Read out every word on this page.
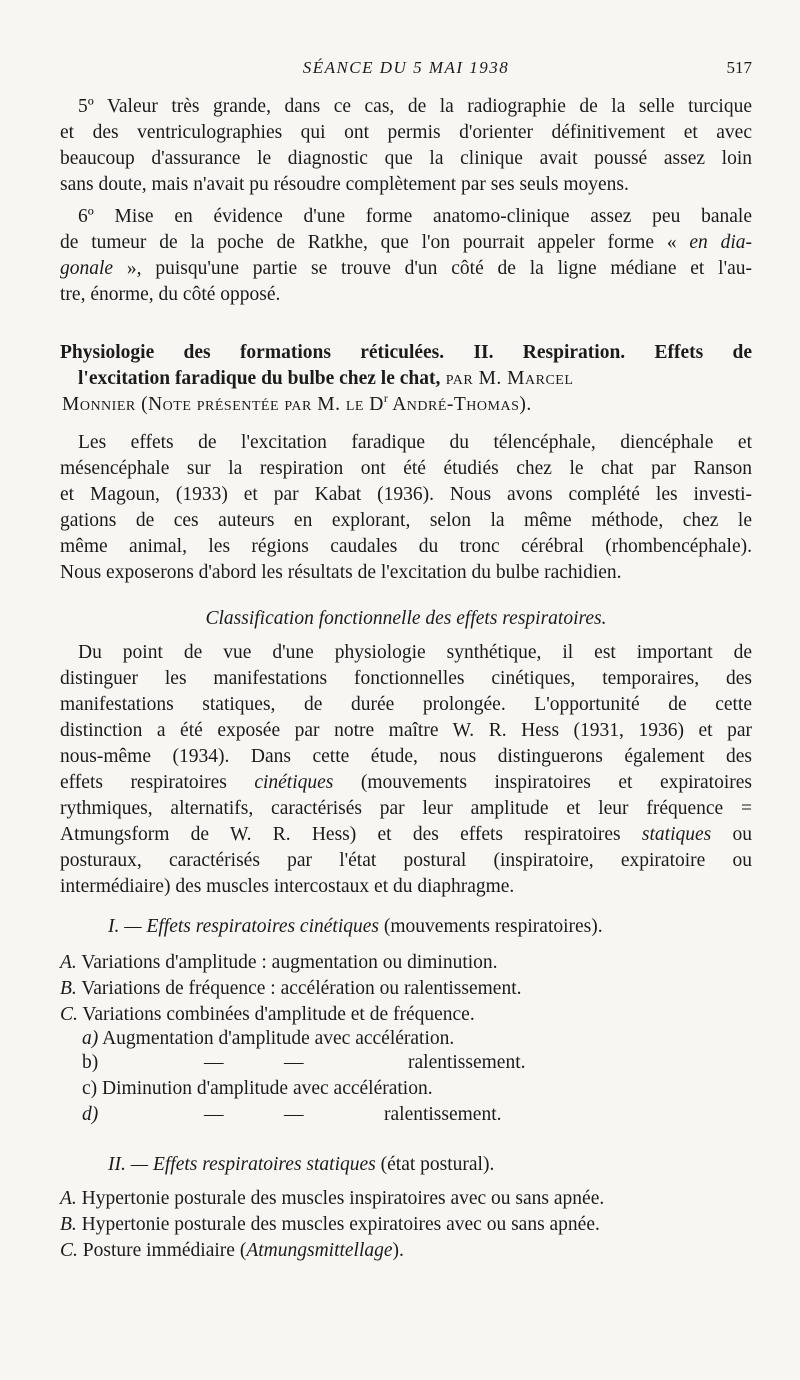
SÉANCE DU 5 MAI 1938	517
5º Valeur très grande, dans ce cas, de la radiographie de la selle turcique
et des ventriculographies qui ont permis d'orienter définitivement et avec
beaucoup d'assurance le diagnostic que la clinique avait poussé assez loin
sans doute, mais n'avait pu résoudre complètement par ses seuls moyens.
6º Mise en évidence d'une forme anatomo-clinique assez peu banale
de tumeur de la poche de Ratkhe, que l'on pourrait appeler forme « en dia-
gonale », puisqu'une partie se trouve d'un côté de la ligne médiane et l'au-
tre, énorme, du côté opposé.
Physiologie des formations réticulées. II. Respiration. Effets de
l'excitation faradique du bulbe chez le chat, par M. Marcel
Monnier (Note présentée par M. le $D^r$ André-Thomas).
Les effets de l'excitation faradique du télencéphale, diencéphale et
mésencéphale sur la respiration ont été étudiés chez le chat par Ranson
et Magoun, (1933) et par Kabat (1936). Nous avons complété les investi-
gations de ces auteurs en explorant, selon la même méthode, chez le
même animal, les régions caudales du tronc cérébral (rhombencéphale).
Nous exposerons d'abord les résultats de l'excitation du bulbe rachidien.
Classification fonctionnelle des effets respiratoires.
Du point de vue d'une physiologie synthétique, il est important de
distinguer les manifestations fonctionnelles cinétiques, temporaires, des
manifestations statiques, de durée prolongée. L'opportunité de cette
distinction a été exposée par notre maître W. R. Hess (1931, 1936) et par
nous-même (1934). Dans cette étude, nous distinguerons également des
effets respiratoires cinétiques (mouvements inspiratoires et expiratoires
rythmiques, alternatifs, caractérisés par leur amplitude et leur fréquence =
Atmungsform de W. R. Hess) et des effets respiratoires statiques ou
posturaux, caractérisés par l'état postural (inspiratoire, expiratoire ou
intermédiaire) des muscles intercostaux et du diaphragme.
I. — Effets respiratoires cinétiques (mouvements respiratoires).
A. Variations d'amplitude : augmentation ou diminution.
B. Variations de fréquence : accélération ou ralentissement.
C. Variations combinées d'amplitude et de fréquence.
a) Augmentation d'amplitude avec accélération.
b)	—	—	ralentissement.
c) Diminution d'amplitude avec accélération.
d)	—	—	ralentissement.
II. — Effets respiratoires statiques (état postural).
A. Hypertonie posturale des muscles inspiratoires avec ou sans apnée.
B. Hypertonie posturale des muscles expiratoires avec ou sans apnée.
C. Posture immédiaire (Atmungsmittellage).
